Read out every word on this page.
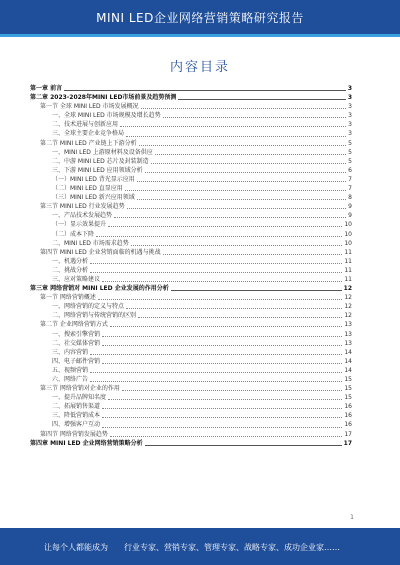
MINI LED企业网络营销策略研究报告
内容目录
第一章 前言	3
第二章 2023-2028年MINI LED市场前景及趋势预测	3
第一节 全球 MINI LED 市场发展概况	3
一、全球 MINI LED 市场规模及增长趋势	3
二、技术进展与创新应用	3
三、全球主要企业竞争格局	3
第二节 MINI LED 产业链上下游分析	5
一、MINI LED 上游原材料及设备供应	5
二、中游 MINI LED 芯片及封装制造	5
三、下游 MINI LED 应用领域分析	6
（一）MINI LED 背光显示应用	7
（二）MINI LED 直显应用	7
（三）MINI LED 新兴应用领域	8
第三节 MINI LED 行业发展趋势	9
一、产品技术发展趋势	9
（一）显示效果提升	10
（二）成本下降	10
二、MINI LED 市场需求趋势	10
第四节 MINI LED 企业营销面临的机遇与挑战	11
一、机遇分析	11
二、挑战分析	11
三、应对策略建议	11
第三章 网络营销对 MINI LED 企业发展的作用分析	12
第一节 网络营销概述	12
一、网络营销的定义与特点	12
二、网络营销与传统营销的区别	12
第二节 企业网络营销方式	13
一、搜索引擎营销	13
二、社交媒体营销	13
三、内容营销	14
四、电子邮件营销	14
五、视频营销	14
六、网络广告	15
第三节 网络营销对企业的作用	15
一、提升品牌知名度	15
二、拓展销售渠道	16
三、降低营销成本	16
四、增强客户互动	16
第四节 网络营销发展趋势	17
第四章 MINI LED 企业网络营销策略分析	17
1
让每个人都能成为 行业专家、营销专家、管理专家、战略专家、成功企业家……
